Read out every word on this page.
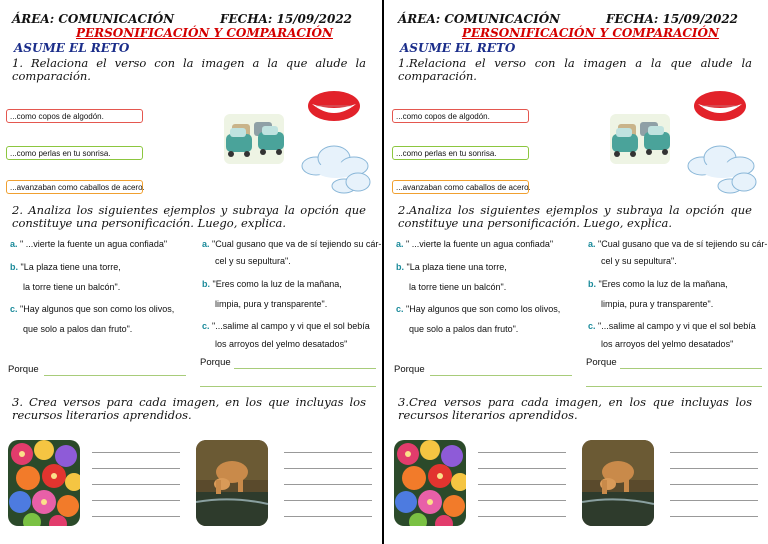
ÁREA: COMUNICACIÓN	FECHA: 15/09/2022
PERSONIFICACIÓN Y COMPARACIÓN
ASUME EL RETO
1. Relaciona el verso con la imagen a la que alude la comparación.
...como copos de algodón.
...como perlas en tu sonrisa.
...avanzaban como caballos de acero.
2. Analiza los siguientes ejemplos y subraya la opción que constituye una personificación. Luego, explica.
a. " ...vierte la fuente un agua confiada"
b. "La plaza tiene una torre,
la torre tiene un balcón".
c. "Hay algunos que son como los olivos,
que solo a palos dan fruto".
a. "Cual gusano que va de sí tejiendo su cár-
cel y su sepultura".
b. "Eres como la luz de la mañana,
limpia, pura y transparente".
c. "...salime al campo y vi que el sol bebía
los arroyos del yelmo desatados"
Porque
Porque
3. Crea versos para cada imagen, en los que incluyas los recursos literarios aprendidos.
ÁREA: COMUNICACIÓN	FECHA: 15/09/2022
PERSONIFICACIÓN Y COMPARACIÓN
ASUME EL RETO
1.Relaciona el verso con la imagen a la que alude la comparación.
...como copos de algodón.
...como perlas en tu sonrisa.
...avanzaban como caballos de acero.
2.Analiza los siguientes ejemplos y subraya la opción que constituye una personificación. Luego, explica.
a. " ...vierte la fuente un agua confiada"
b. "La plaza tiene una torre,
la torre tiene un balcón".
c. "Hay algunos que son como los olivos,
que solo a palos dan fruto".
a. "Cual gusano que va de sí tejiendo su cár-
cel y su sepultura".
b. "Eres como la luz de la mañana,
limpia, pura y transparente".
c. "...salime al campo y vi que el sol bebía
los arroyos del yelmo desatados"
Porque
Porque
3.Crea versos para cada imagen, en los que incluyas los recursos literarios aprendidos.
